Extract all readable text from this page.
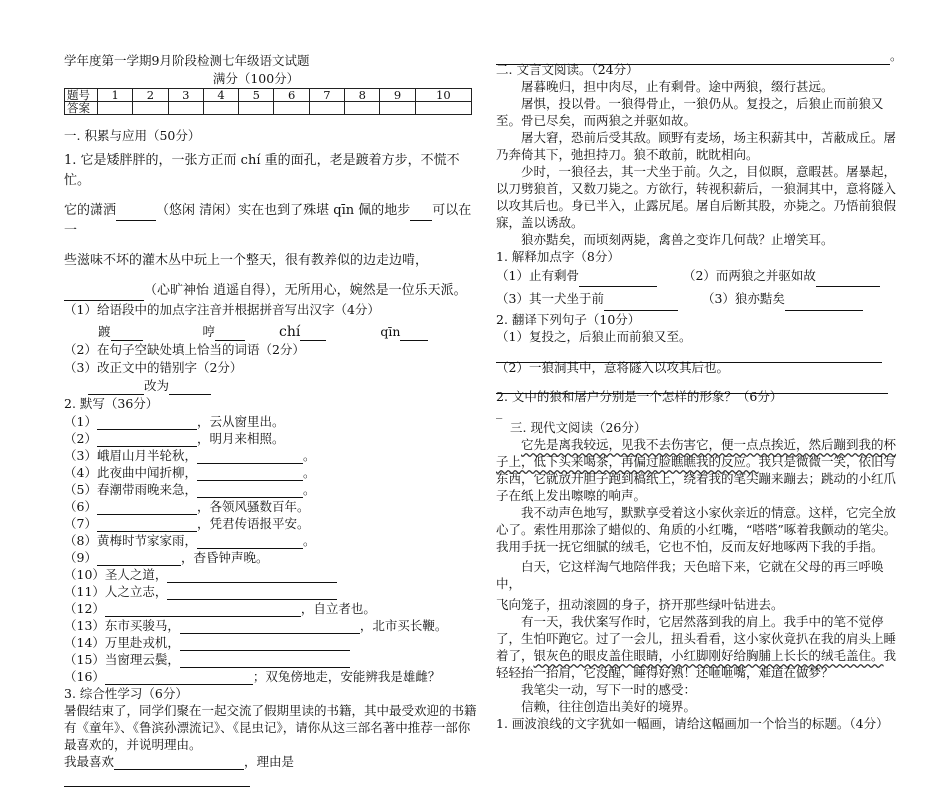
学年度第一学期9月阶段检测七年级语文试题
满分（100分）
题号	1	2	3	4	5	6	7	8	9	10
答案										
一. 积累与应用（50分）
1. 它是矮胖胖的，一张方正而 chí 重的面孔，老是踱着方步，不慌不忙。
它的潇洒	（悠闲 清闲）实在也到了殊堪 qīn 佩的地步 可以在一
些滋味不坏的灌木丛中玩上一个整天，很有教养似的边走边啃，
（心旷神怡 逍遥自得），无所用心，婉然是一位乐天派。
（1）给语段中的加点字注音并根据拼音写出汉字（4分）
踱	哼	chí	qīn
（2）在句子空缺处填上恰当的词语（2分）
（3）改正文中的错别字（2分）
改为
2. 默写（36分）
（1）	，云从窗里出。
（2）	，明月来相照。
（3）峨眉山月半轮秋，	。
（4）此夜曲中闻折柳，	。
（5）春潮带雨晚来急，	。
（6）	，各领风骚数百年。
（7）	，凭君传语报平安。
（8）黄梅时节家家雨，	。
（9）	，杳昏钟声晚。
（10）圣人之道，
（11）人之立志，
（12）	，自立者也。
（13）东市买骏马，	，北市买长鞭。
（14）万里赴戎机，
（15）当窗理云鬓，
（16）	；双兔傍地走，安能辨我是雄雌？
3. 综合性学习（6分）
暑假结束了，同学们聚在一起交流了假期里读的书籍，其中最受欢迎的书籍有《童年》、《鲁滨孙漂流记》、《昆虫记》，请你从这三部名著中推荐一部你最喜欢的，并说明理由。
我最喜欢	，理由是
。
二. 文言文阅读。（24分）
屠暮晚归，担中肉尽，止有剩骨。途中两狼，缀行甚远。
屠惧，投以骨。一狼得骨止，一狼仍从。复投之，后狼止而前狼又至。骨已尽矣，而两狼之并驱如故。
屠大窘，恐前后受其敌。顾野有麦场，场主积薪其中，苫蔽成丘。屠乃奔倚其下，弛担持刀。狼不敢前，眈眈相向。
少时，一狼径去，其一犬坐于前。久之，目似瞑，意暇甚。屠暴起，以刀劈狼首，又数刀毙之。方欲行，转视积薪后，一狼洞其中，意将隧入以攻其后也。身已半入，止露尻尾。屠自后断其股，亦毙之。乃悟前狼假寐，盖以诱敌。
狼亦黠矣，而顷刻两毙，禽兽之变诈几何哉？止增笑耳。
1. 解释加点字（8分）
（1）止有剩骨	（2）而两狼之并驱如故
（3）其一犬坐于前	（3）狼亦黠矣
2. 翻译下列句子（10分）
（1）复投之，后狼止而前狼又至。
（2）一狼洞其中，意将隧入以攻其后也。
2. 文中的狼和屠户分别是一个怎样的形象？（6分）
_
三. 现代文阅读（26分）
它先是离我较远，见我不去伤害它，便一点点挨近，然后蹦到我的杯子上，低下头来喝茶，再偏过脸瞧瞧我的反应。我只是微微一笑，依旧写东西，它就放开胆子跑到稿纸上，绕着我的笔尖蹦来蹦去；跳动的小红爪子在纸上发出嚓嚓的响声。
我不动声色地写，默默享受着这小家伙亲近的情意。这样，它完全放心了。索性用那涂了蜡似的、角质的小红嘴，“嗒嗒”啄着我颤动的笔尖。我用手抚一抚它细腻的绒毛，它也不怕，反而友好地啄两下我的手指。
白天，它这样淘气地陪伴我；天色暗下来，它就在父母的再三呼唤中，
飞向笼子，扭动滚圆的身子，挤开那些绿叶钻进去。
有一天，我伏案写作时，它居然落到我的肩上。我手中的笔不觉停了，生怕吓跑它。过了一会儿，扭头看看，这小家伙竟扒在我的肩头上睡着了，银灰色的眼皮盖住眼睛，小红脚刚好给胸脯上长长的绒毛盖住。我轻轻抬一抬肩，它没醒，睡得好熟！还咂咂嘴，难道在做梦？
我笔尖一动，写下一时的感受：
信赖，往往创造出美好的境界。
1. 画波浪线的文字犹如一幅画，请给这幅画加一个恰当的标题。（4分）
